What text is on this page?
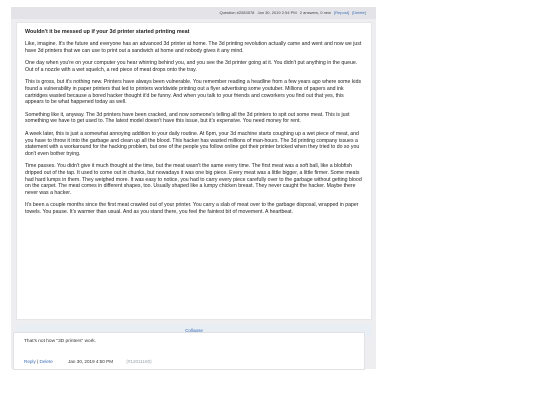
Question #2083578 Jan 30, 2019 2:54 PM 2 answers, 0 new [Repost] [Delete]
Wouldn't it be messed up if your 3d printer started printing meat

Like, imagine. It's the future and everyone has an advanced 3d printer at home. The 3d printing revolution actually came and went and now we just have 3d printers that we can use to print out a sandwich at home and nobody gives it any mind.

One day when you're on your computer you hear whirring behind you, and you see the 3d printer going at it. You didn't put anything in the queue. Out of a nozzle with a wet squelch, a red piece of meat drops onto the tray.

This is gross, but it's nothing new. Printers have always been vulnerable. You remember reading a headline from a few years ago where some kids found a vulnerability in paper printers that led to printers worldwide printing out a flyer advertising some youtuber. Millions of papers and ink cartridges wasted because a bored hacker thought it'd be funny. And when you talk to your friends and coworkers you find out that yes, this appears to be what happened today as well.

Something like it, anyway. The 3d printers have been cracked, and now someone's telling all the 3d printers to spit out some meat. This is just something we have to get used to. The latest model doesn't have this issue, but it's expensive. You need money for rent.

A week later, this is just a somewhat annoying addition to your daily routine. At 6pm, your 3d machine starts coughing up a wet piece of meat, and you have to throw it into the garbage and clean up all the blood. This hacker has wasted millions of man-hours. The 3d printing company issues a statement with a workaround for the hacking problem, but one of the people you follow online got their printer bricked when they tried to do so you don't even bother trying.

Time passes. You didn't give it much thought at the time, but the meat wasn't the same every time. The first meat was a soft ball, like a blobfish dripped out of the tap. It used to come out in chunks, but nowadays it was one big piece. Every meat was a little bigger, a little firmer. Some meats had hard lumps in them. They weighed more. It was easy to notice, you had to carry every piece carefully over to the garbage without getting blood on the carpet. The meat comes in different shapes, too. Usually shaped like a lumpy chicken breast. They never caught the hacker. Maybe there never was a hacker.

It's been a couple months since the first meat crawled out of your printer. You carry a slab of meat over to the garbage disposal, wrapped in paper towels. You pause. It's warmer than usual. And as you stand there, you feel the faintest bit of movement. A heartbeat.

Collapse
That's not how "3D printers" work.
Reply | Delete	Jan 30, 2019 4:50 PM	(#12011190)
